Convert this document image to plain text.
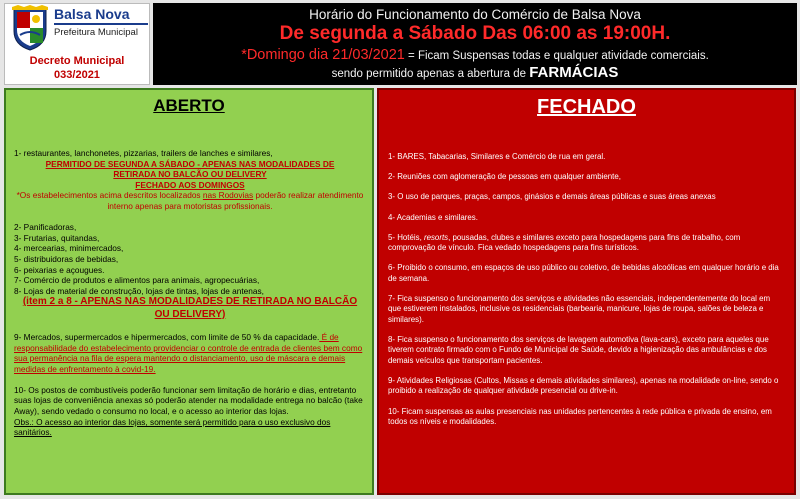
Balsa Nova
Prefeitura Municipal
Decreto Municipal
033/2021
Horário do Funcionamento do Comércio de Balsa Nova
De segunda a Sábado Das 06:00 as 19:00H.
*Domingo dia 21/03/2021 = Ficam Suspensas todas e qualquer atividade comerciais.
sendo permitido apenas a abertura de FARMÁCIAS
ABERTO
1- restaurantes, lanchonetes, pizzarias, trailers de lanches e similares,
PERMITIDO DE SEGUNDA A SÁBADO - APENAS NAS MODALIDADES DE
RETIRADA NO BALCÃO OU DELIVERY
FECHADO AOS DOMINGOS
*Os estabelecimentos acima descritos localizados nas Rodovias poderão realizar atendimento interno apenas para motoristas profissionais.
2- Panificadoras,
3- Frutarias, quitandas,
4- mercearias, minimercados,
5- distribuidoras de bebidas,
6- peixarias e açougues.
7- Comércio de produtos e alimentos para animais, agropecuárias,
8- Lojas de material de construção, lojas de tintas, lojas de antenas,
(item 2 a 8 - APENAS NAS MODALIDADES DE RETIRADA NO BALCÃO OU DELIVERY)
9- Mercados, supermercados e hipermercados, com limite de 50 % da capacidade. É de responsabilidade do estabelecimento providenciar o controle de entrada de clientes bem como sua permanência na fila de espera mantendo o distanciamento, uso de máscara e demais medidas de enfrentamento à covid-19.
10- Os postos de combustíveis poderão funcionar sem limitação de horário e dias, entretanto suas lojas de conveniência anexas só poderão atender na modalidade entrega no balcão (take Away), sendo vedado o consumo no local, e o acesso ao interior das lojas.
Obs.: O acesso ao interior das lojas, somente será permitido para o uso exclusivo dos sanitários.
FECHADO
1- BARES, Tabacarias, Similares e Comércio de rua em geral.
2- Reuniões com aglomeração de pessoas em qualquer ambiente,
3- O uso de parques, praças, campos, ginásios e demais áreas públicas e suas áreas anexas
4- Academias e similares.
5- Hotéis, resorts, pousadas, clubes e similares exceto para hospedagens para fins de trabalho, com comprovação de vínculo. Fica vedado hospedagens para fins turísticos.
6- Proibido o consumo, em espaços de uso público ou coletivo, de bebidas alcoólicas em qualquer horário e dia de semana.
7- Fica suspenso o funcionamento dos serviços e atividades não essenciais, independentemente do local em que estiverem instalados, inclusive os residenciais (barbearia, manicure, lojas de roupa, salões de beleza e similares).
8- Fica suspenso o funcionamento dos serviços de lavagem automotiva (lava-cars), exceto para aqueles que tiverem contrato firmado com o Fundo de Municipal de Saúde, devido a higienização das ambulâncias e dos demais veículos que transportam pacientes.
9- Atividades Religiosas (Cultos, Missas e demais atividades similares), apenas na modalidade on-line, sendo o proibido a realização de qualquer atividade presencial ou drive-in.
10- Ficam suspensas as aulas presenciais nas unidades pertencentes à rede pública e privada de ensino, em todos os níveis e modalidades.
